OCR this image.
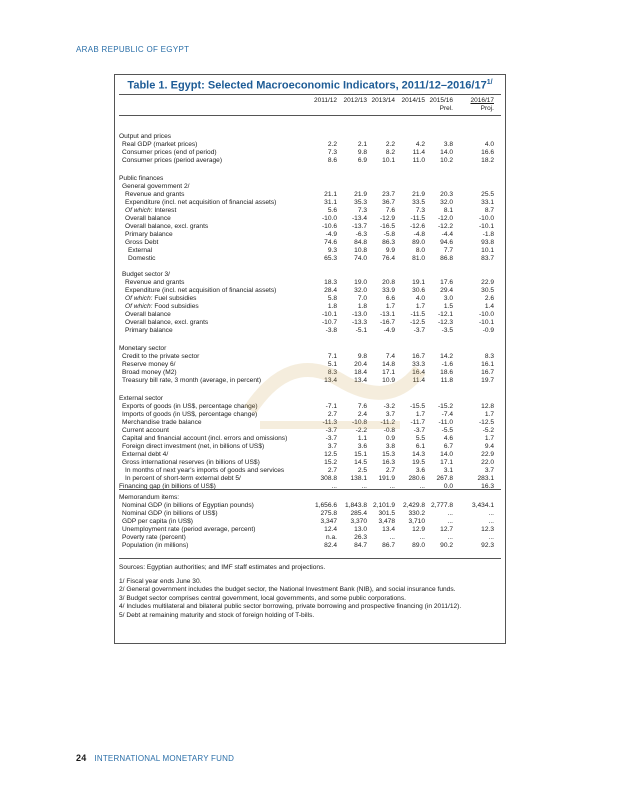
ARAB REPUBLIC OF EGYPT
Table 1. Egypt: Selected Macroeconomic Indicators, $2011/12-2016/17^{1/}$
2011/12	2012/13 2013/14	2014/15 2015/16	2016/17
Prel.	Proj.
Output and prices
Real GDP (market prices)	2.2	2.1	2.2	4.2	3.8	4.0
Consumer prices (end of period)	7.3	9.8	8.2	11.4	14.0	16.6
Consumer prices (period average)	8.6	6.9	10.1	11.0	10.2	18.2
Public finances
General government 2/
Revenue and grants	21.1	21.9	23.7	21.9	20.3	25.5
Expenditure (incl. net acquisition of financial assets)	31.1	35.3	36.7	33.5	32.0	33.1
Of which: Interest	5.6	7.3	7.6	7.3	8.1	8.7
Overall balance	-10.0	-13.4	-12.9	-11.5	-12.0	-10.0
Overall balance, excl. grants	-10.6	-13.7	-16.5	-12.6	-12.2	-10.1
Primary balance	-4.9	-6.3	-5.8	-4.8	-4.4	-1.8
Gross Debt	74.6	84.8	86.3	89.0	94.6	93.8
External	9.3	10.8	9.9	8.0	7.7	10.1
Domestic	65.3	74.0	76.4	81.0	86.8	83.7
Budget sector 3/
Revenue and grants	18.3	19.0	20.8	19.1	17.6	22.9
Expenditure (incl. net acquisition of financial assets)	28.4	32.0	33.9	30.6	29.4	30.5
Of which: Fuel subsidies	5.8	7.0	6.6	4.0	3.0	2.6
Of which: Food subsidies	1.8	1.8	1.7	1.7	1.5	1.4
Overall balance	-10.1	-13.0	-13.1	-11.5	-12.1	-10.0
Overall balance, excl. grants	-10.7	-13.3	-16.7	-12.5	-12.3	-10.1
Primary balance	-3.8	-5.1	-4.9	-3.7	-3.5	-0.9
Monetary sector
Credit to the private sector	7.1	9.8	7.4	16.7	14.2	8.3
Reserve money 6/	5.1	20.4	14.8	33.3	-1.6	16.1
Broad money (M2)	8.3	18.4	17.1	16.4	18.6	16.7
Treasury bill rate, 3 month (average, in percent)	13.4	13.4	10.9	11.4	11.8	19.7
External sector
Exports of goods (in US$, percentage change)	-7.1	7.6	-3.2	-15.5	-15.2	12.8
Imports of goods (in US$, percentage change)	2.7	2.4	3.7	1.7	-7.4	1.7
Merchandise trade balance	-11.3	-10.8	-11.2	-11.7	-11.0	-12.5
Current account	-3.7	-2.2	-0.8	-3.7	-5.5	-5.2
Capital and financial account (incl. errors and omissions)	-3.7	1.1	0.9	5.5	4.6	1.7
Foreign direct investment (net, in billions of US$)	3.7	3.6	3.8	6.1	6.7	9.4
External debt 4/	12.5	15.1	15.3	14.3	14.0	22.9
Gross international reserves (in billions of US$)	15.2	14.5	16.3	19.5	17.1	22.0
In months of next year's imports of goods and services	2.7	2.5	2.7	3.6	3.1	3.7
In percent of short-term external debt 5/	308.8	138.1	191.9	280.6	267.8	283.1
Financing gap (in billions of US$)	...	...	...	...	0.0	16.3
Memorandum items:
Nominal GDP (in billions of Egyptian pounds)	1,656.6	1,843.8 2,101.9	2,429.8 2,777.8	3,434.1
Nominal GDP (in billions of US$)	275.8	285.4	301.5	330.2	...	...
GDP per capita (in US$)	3,347	3,370	3,478	3,710	...	...
Unemployment rate (period average, percent)	12.4	13.0	13.4	12.9	12.7	12.3
Poverty rate (percent)	n.a.	26.3	...	...	...	...
Population (in millions)	82.4	84.7	86.7	89.0	90.2	92.3
Sources: Egyptian authorities; and IMF staff estimates and projections.
1/ Fiscal year ends June 30.
2/ General government includes the budget sector, the National Investment Bank (NIB), and social insurance funds.
3/ Budget sector comprises central government, local governments, and some public corporations.
4/ Includes multilateral and bilateral public sector borrowing, private borrowing and prospective financing (in 2011/12).
5/ Debt at remaining maturity and stock of foreign holding of T-bills.
24 INTERNATIONAL MONETARY FUND
